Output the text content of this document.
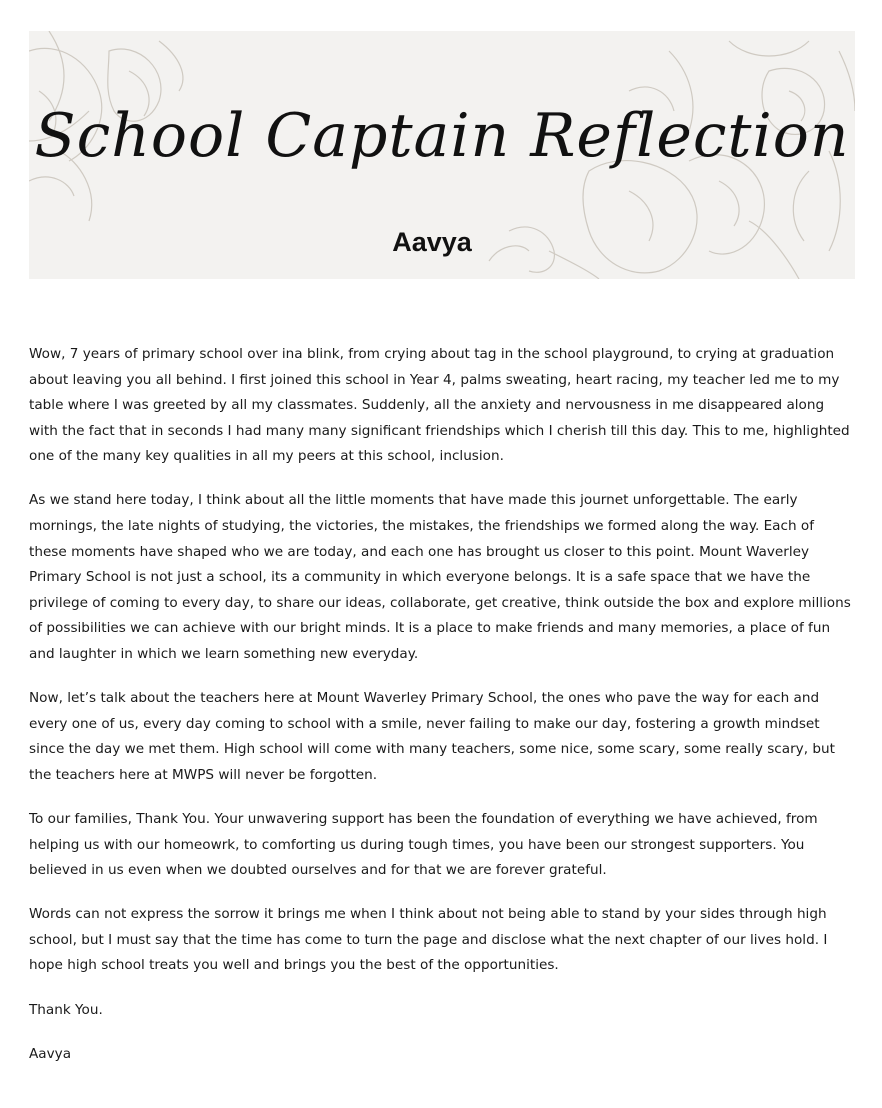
School Captain Reflection
Aavya

Wow, 7 years of primary school over ina blink, from crying about tag in the school playground, to crying at graduation about leaving you all behind. I first joined this school in Year 4, palms sweating, heart racing, my teacher led me to my table where I was greeted by all my classmates. Suddenly, all the anxiety and nervousness in me disappeared along with the fact that in seconds I had many many significant friendships which I cherish till this day. This to me, highlighted one of the many key qualities in all my peers at this school, inclusion.

As we stand here today, I think about all the little moments that have made this journet unforgettable. The early mornings, the late nights of studying, the victories, the mistakes, the friendships we formed along the way. Each of these moments have shaped who we are today, and each one has brought us closer to this point. Mount Waverley Primary School is not just a school, its a community in which everyone belongs. It is a safe space that we have the privilege of coming to every day, to share our ideas, collaborate, get creative, think outside the box and explore millions of possibilities we can achieve with our bright minds. It is a place to make friends and many memories, a place of fun and laughter in which we learn something new everyday.

Now, let’s talk about the teachers here at Mount Waverley Primary School, the ones who pave the way for each and every one of us, every day coming to school with a smile, never failing to make our day, fostering a growth mindset since the day we met them. High school will come with many teachers, some nice, some scary, some really scary, but the teachers here at MWPS will never be forgotten.

To our families, Thank You. Your unwavering support has been the foundation of everything we have achieved, from helping us with our homeowrk, to comforting us during tough times, you have been our strongest supporters. You believed in us even when we doubted ourselves and for that we are forever grateful.

Words can not express the sorrow it brings me when I think about not being able to stand by your sides through high school, but I must say that the time has come to turn the page and disclose what the next chapter of our lives hold. I hope high school treats you well and brings you the best of the opportunities.

Thank You.

Aavya
